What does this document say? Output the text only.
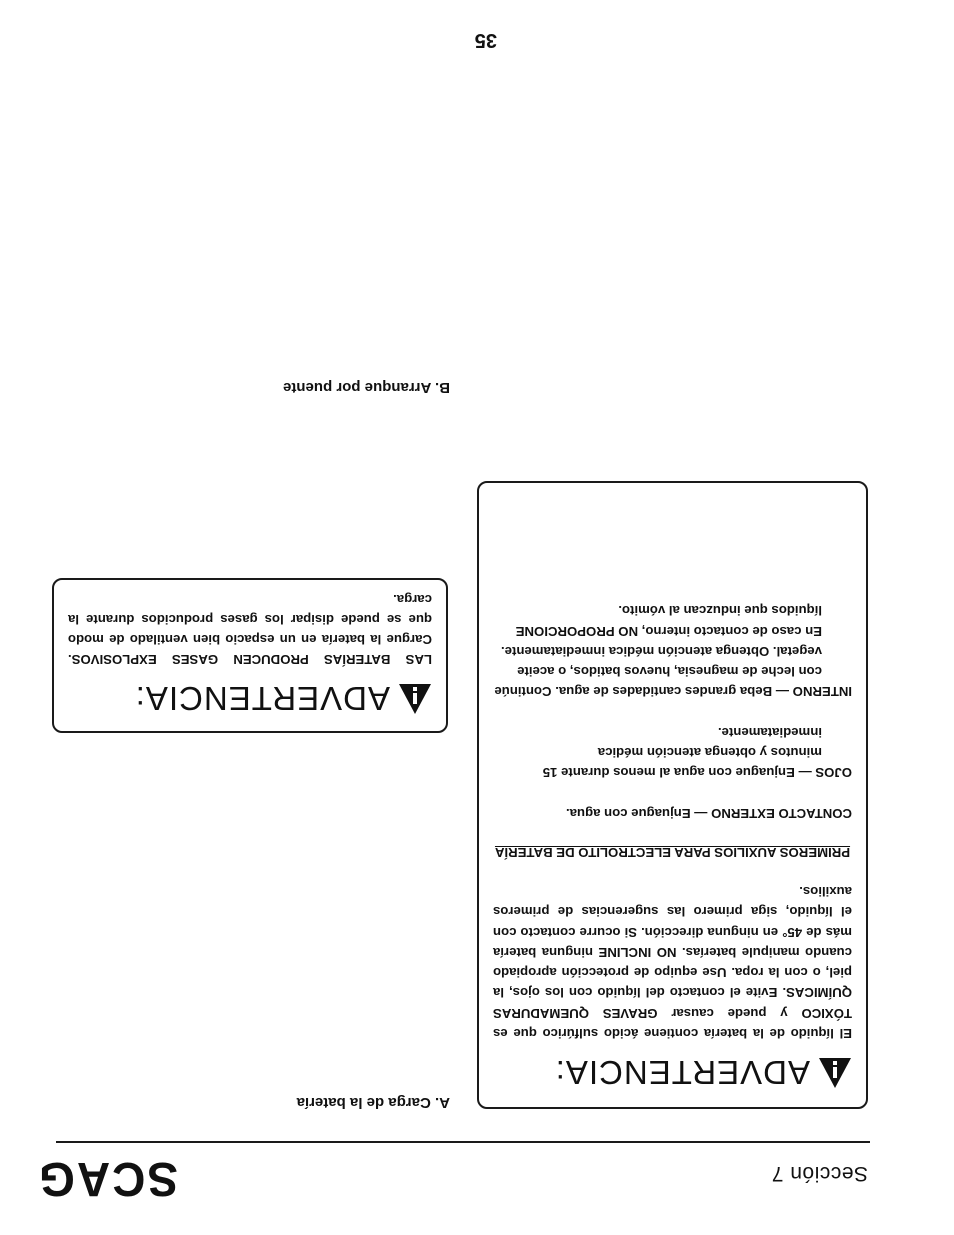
SCAG	Sección 7
A. Carga de la batería
B. Arranque por puente
ADVERTENCIA:

El líquido de la batería contiene ácido sulfúrico que es TÓXICO y puede causar GRAVES QUEMADURAS QUÍMICAS. Evite el contacto del líquido con los ojos, la piel, o con la ropa. Use equipo de protección apropiado cuando manipule baterías. NO INCLINE ninguna batería más de 45° en ninguna dirección. Si ocurre contacto con el líquido, siga primero las sugerencias de primeros auxilios.

PRIMEROS AUXILIOS PARA ELECTROLITO DE BATERÍA

CONTACTO EXTERNO — Enjuague con agua.

OJOS — Enjuague con agua al menos durante 15 minutos y obtenga atención médica inmediatamente.

INTERNO — Beba grandes cantidades de agua. Continúe con leche de magnesia, huevos batidos, o aceite vegetal. Obtenga atención médica inmediatamente. En caso de contacto interno, NO PROPORCIONE líquidos que induzcan al vómito.

ADVERTENCIA:

LAS BATERÍAS PRODUCEN GASES EXPLOSIVOS. Cargue la batería en un espacio bien ventilado de modo que se puede disipar los gases producidos durante la carga.

35
